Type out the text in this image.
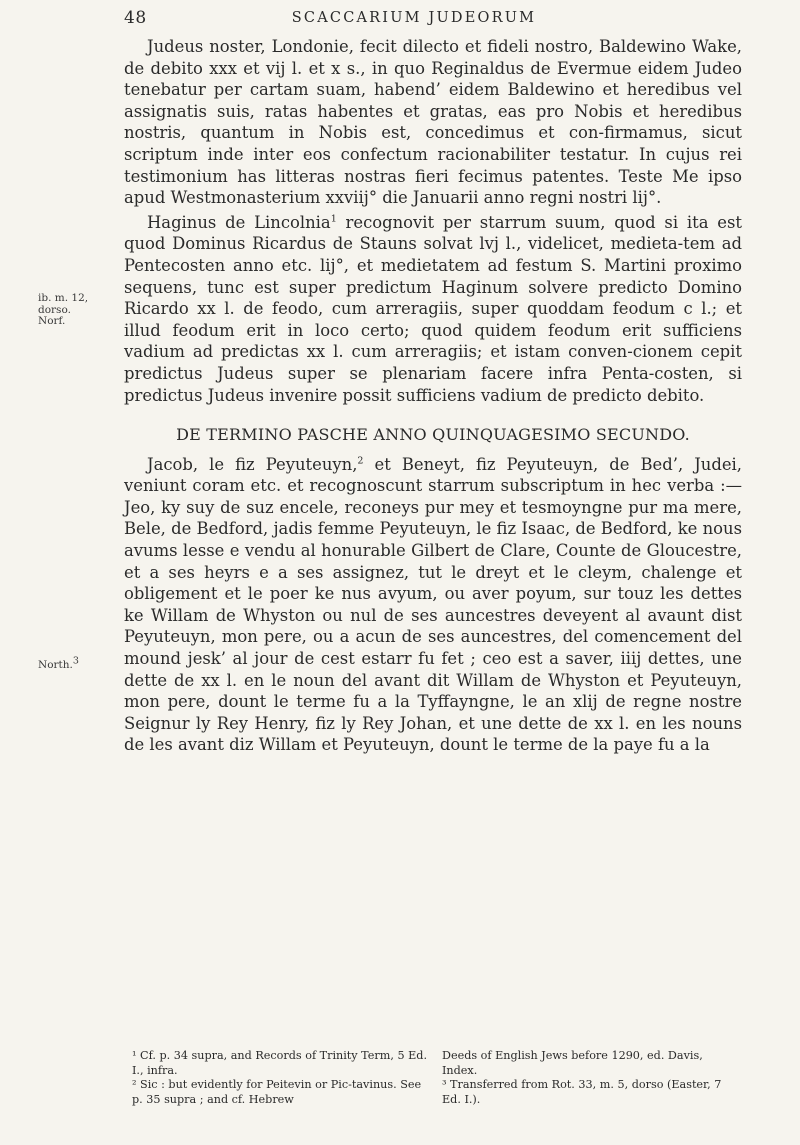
48	SCACCARIUM JUDEORUM
ib. m. 12,
dorso.
Norf.
North.$^3$

Judeus noster, Londonie, fecit dilecto et fideli nostro, Baldewino Wake, de debito xxx et vij l. et x s., in quo Reginaldus de Evermue eidem Judeo tenebatur per cartam suam, habend’ eidem Baldewino et heredibus vel assignatis suis, ratas habentes et gratas, eas pro Nobis et heredibus nostris, quantum in Nobis est, concedimus et con-firmamus, sicut scriptum inde inter eos confectum racionabiliter testatur. In cujus rei testimonium has litteras nostras fieri fecimus patentes. Teste Me ipso apud Westmonasterium xxviij° die Januarii anno regni nostri lij°.

Haginus de Lincolnia$^1$ recognovit per starrum suum, quod si ita est quod Dominus Ricardus de Stauns solvat lvj l., videlicet, medieta-tem ad Pentecosten anno etc. lij°, et medietatem ad festum S. Martini proximo sequens, tunc est super predictum Haginum solvere predicto Domino Ricardo xx l. de feodo, cum arreragiis, super quoddam feodum c l.; et illud feodum erit in loco certo; quod quidem feodum erit sufficiens vadium ad predictas xx l. cum arreragiis; et istam conven-cionem cepit predictus Judeus super se plenariam facere infra Penta-costen, si predictus Judeus invenire possit sufficiens vadium de predicto debito.

DE TERMINO PASCHE ANNO QUINQUAGESIMO SECUNDO.

Jacob, le fiz Peyuteuyn,$^2$ et Beneyt, fiz Peyuteuyn, de Bed’, Judei, veniunt coram etc. et recognoscunt starrum subscriptum in hec verba :—Jeo, ky suy de suz encele, reconeys pur mey et tesmoyngne pur ma mere, Bele, de Bedford, jadis femme Peyuteuyn, le fiz Isaac, de Bedford, ke nous avums lesse e vendu al honurable Gilbert de Clare, Counte de Gloucestre, et a ses heyrs e a ses assignez, tut le dreyt et le cleym, chalenge et obligement et le poer ke nus avyum, ou aver poyum, sur touz les dettes ke Willam de Whyston ou nul de ses auncestres deveyent al avaunt dist Peyuteuyn, mon pere, ou a acun de ses auncestres, del comencement del mound jesk’ al jour de cest estarr fu fet ; ceo est a saver, iiij dettes, une dette de xx l. en le noun del avant dit Willam de Whyston et Peyuteuyn, mon pere, dount le terme fu a la Tyffayngne, le an xlij de regne nostre Seignur ly Rey Henry, fiz ly Rey Johan, et une dette de xx l. en les nouns de les avant diz Willam et Peyuteuyn, dount le terme de la paye fu a la

¹ Cf. p. 34 supra, and Records of Trinity Term, 5 Ed. I., infra.

² Sic : but evidently for Peitevin or Pic-tavinus. See p. 35 supra ; and cf. Hebrew

Deeds of English Jews before 1290, ed. Davis, Index.

³ Transferred from Rot. 33, m. 5, dorso (Easter, 7 Ed. I.).
